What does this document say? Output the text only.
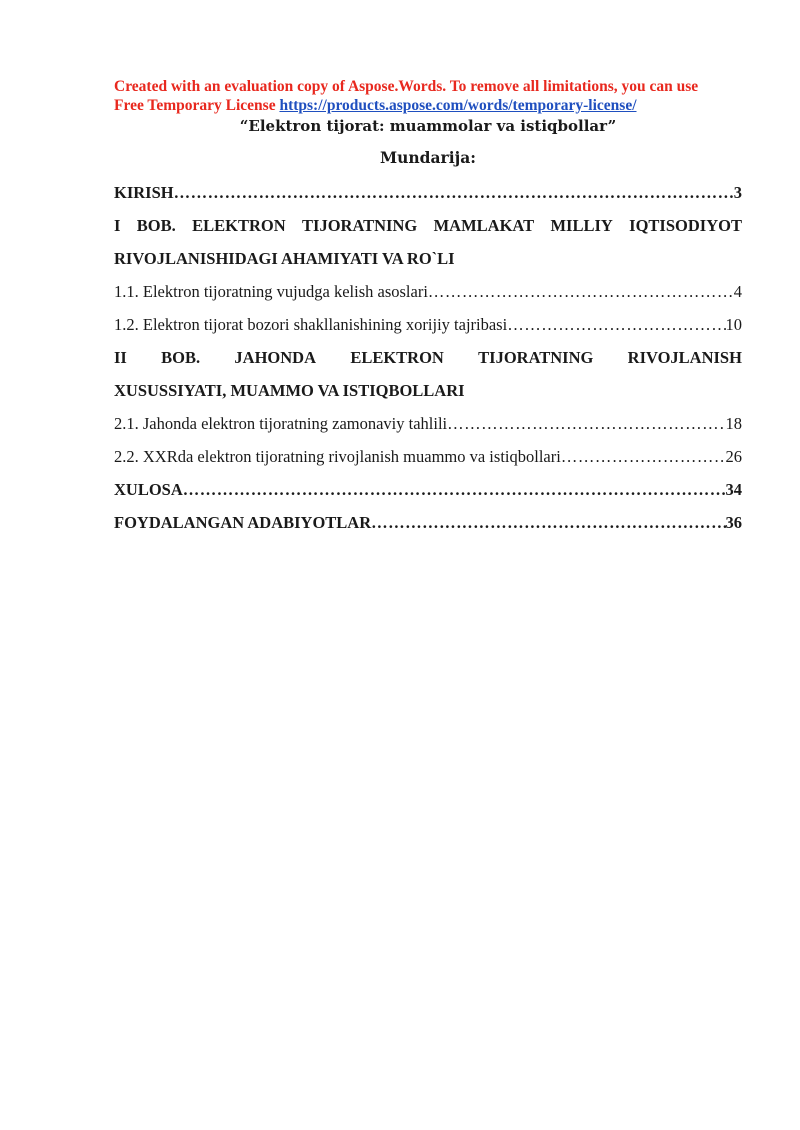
Created with an evaluation copy of Aspose.Words. To remove all limitations, you can use
Free Temporary License https://products.aspose.com/words/temporary-license/
“Elektron tijorat: muammolar va istiqbollar”
Mundarija:
KIRISH …………………………………………………………………………………………………………………………………………………………………………	3
I BOB. ELEKTRON TIJORATNING MAMLAKAT MILLIY IQTISODIYOT
RIVOJLANISHIDAGI AHAMIYATI VA RO`LI
1.1. Elektron tijoratning vujudga kelish asoslari …………………………………………………………………………………………………………………………………………………………………………	4
1.2. Elektron tijorat bozori shakllanishining xorijiy tajribasi …………………………………………………………………………………………………………………………………………………………………………	10
II BOB. JAHONDA ELEKTRON TIJORATNING RIVOJLANISH
XUSUSSIYATI, MUAMMO VA ISTIQBOLLARI
2.1. Jahonda elektron tijoratning zamonaviy tahlili …………………………………………………………………………………………………………………………………………………………………………	18
2.2. XXRda elektron tijoratning rivojlanish muammo va istiqbollari …………………………………………………………………………………………………………………………………………………………………………	26
XULOSA …………………………………………………………………………………………………………………………………………………………………………	34
FOYDALANGAN ADABIYOTLAR …………………………………………………………………………………………………………………………………………………………………………	36
